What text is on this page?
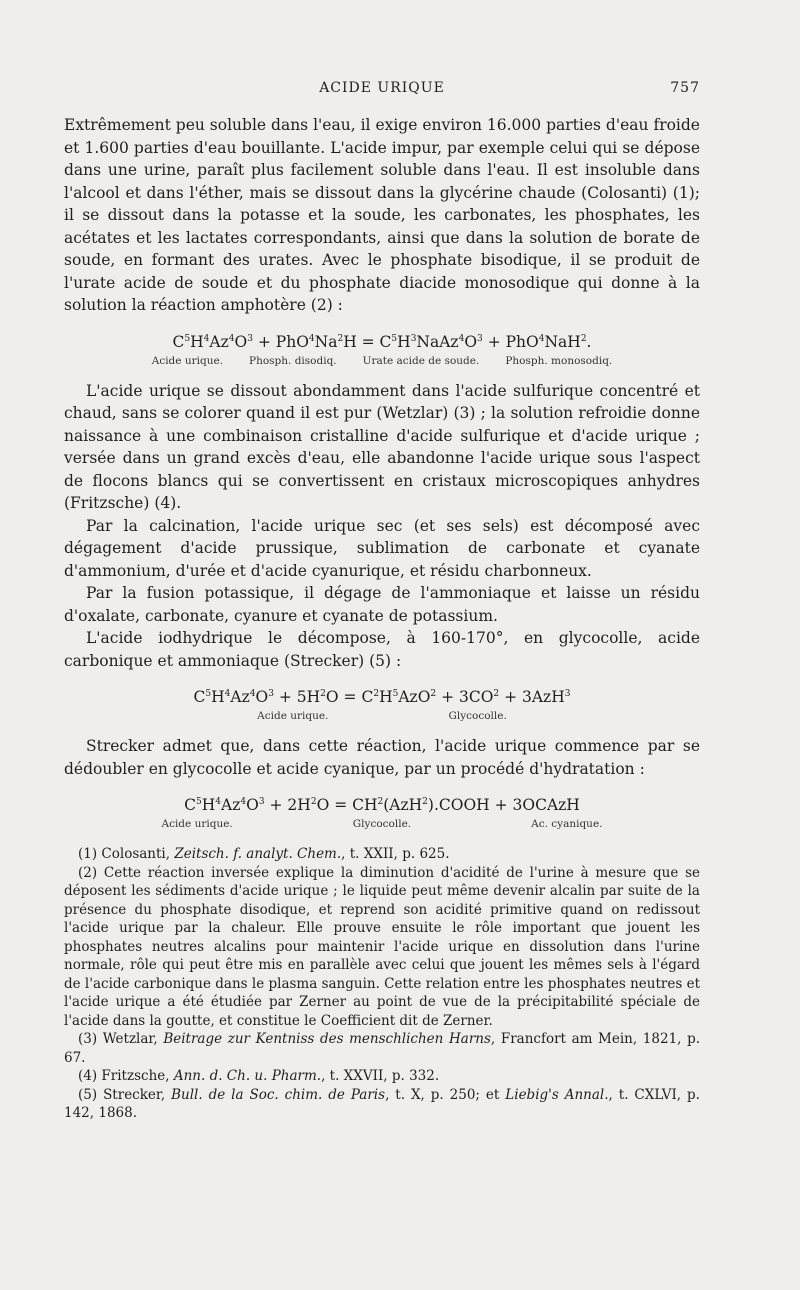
ACIDE URIQUE	757

Extrêmement peu soluble dans l'eau, il exige environ 16.000 parties d'eau froide et 1.600 parties d'eau bouillante. L'acide impur, par exemple celui qui se dépose dans une urine, paraît plus facilement soluble dans l'eau. Il est insoluble dans l'alcool et dans l'éther, mais se dissout dans la glycérine chaude (Colosanti) (1); il se dissout dans la potasse et la soude, les carbonates, les phosphates, les acétates et les lactates correspondants, ainsi que dans la solution de borate de soude, en formant des urates. Avec le phosphate bisodique, il se produit de l'urate acide de soude et du phosphate diacide monosodique qui donne à la solution la réaction amphotère (2) :

$C^5H^4Az^4O^3 + PhO^4Na^2H$ = $C^5H^3NaAz^4O^3 + PhO^4NaH^2$.
Acide urique. Phosph. disodiq. Urate acide de soude. Phosph. monosodiq.

L'acide urique se dissout abondamment dans l'acide sulfurique concentré et chaud, sans se colorer quand il est pur (Wetzlar) (3) ; la solution refroidie donne naissance à une combinaison cristalline d'acide sulfurique et d'acide urique ; versée dans un grand excès d'eau, elle abandonne l'acide urique sous l'aspect de flocons blancs qui se convertissent en cristaux microscopiques anhydres (Fritzsche) (4).

Par la calcination, l'acide urique sec (et ses sels) est décomposé avec dégagement d'acide prussique, sublimation de carbonate et cyanate d'ammonium, d'urée et d'acide cyanurique, et résidu charbonneux.

Par la fusion potassique, il dégage de l'ammoniaque et laisse un résidu d'oxalate, carbonate, cyanure et cyanate de potassium.

L'acide iodhydrique le décompose, à 160-170°, en glycocolle, acide carbonique et ammoniaque (Strecker) (5) :

$C^5H^4Az^4O^3 + 5H^2O = C^2H^5AzO^2 + 3CO^2 + 3AzH^3$
Acide urique.	Glycocolle.

Strecker admet que, dans cette réaction, l'acide urique commence par se dédoubler en glycocolle et acide cyanique, par un procédé d'hydratation :

$C^5H^4Az^4O^3 + 2H^2O$ = $CH^2(AzH^2).COOH$ + 3OCAzH
Acide urique.	Glycocolle.	Ac. cyanique.

(1) Colosanti, Zeitsch. f. analyt. Chem., t. XXII, p. 625.

(2) Cette réaction inversée explique la diminution d'acidité de l'urine à mesure que se déposent les sédiments d'acide urique ; le liquide peut même devenir alcalin par suite de la présence du phosphate disodique, et reprend son acidité primitive quand on redissout l'acide urique par la chaleur. Elle prouve ensuite le rôle important que jouent les phosphates neutres alcalins pour maintenir l'acide urique en dissolution dans l'urine normale, rôle qui peut être mis en parallèle avec celui que jouent les mêmes sels à l'égard de l'acide carbonique dans le plasma sanguin. Cette relation entre les phosphates neutres et l'acide urique a été étudiée par Zerner au point de vue de la précipitabilité spéciale de l'acide dans la goutte, et constitue le Coefficient dit de Zerner.

(3) Wetzlar, Beitrage zur Kentniss des menschlichen Harns, Francfort am Mein, 1821, p. 67.

(4) Fritzsche, Ann. d. Ch. u. Pharm., t. XXVII, p. 332.

(5) Strecker, Bull. de la Soc. chim. de Paris, t. X, p. 250; et Liebig's Annal., t. CXLVI, p. 142, 1868.
